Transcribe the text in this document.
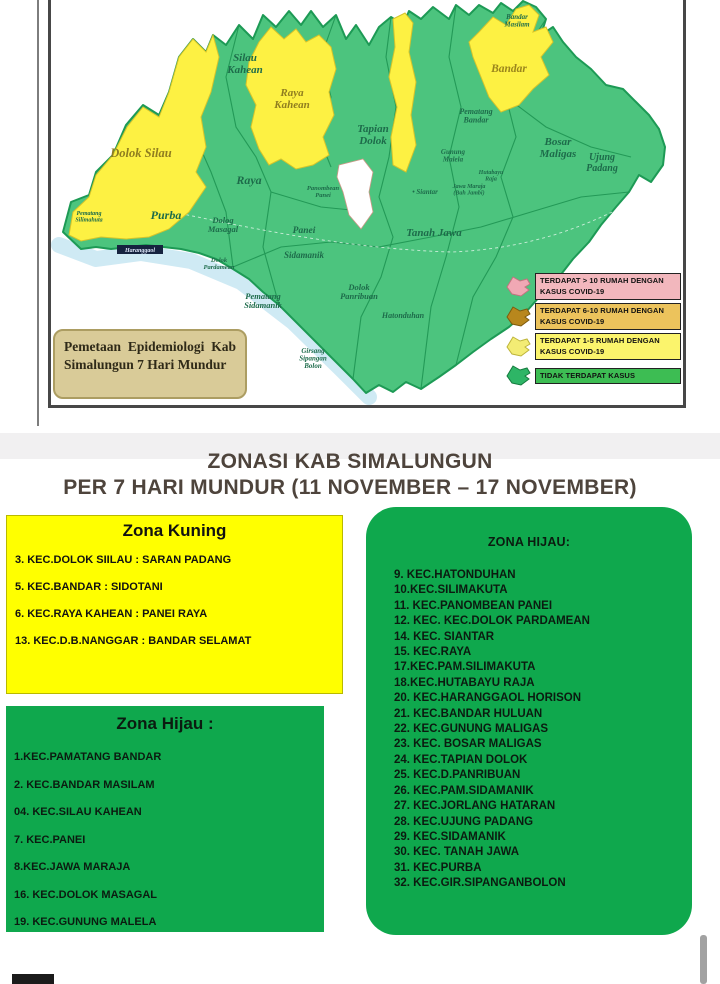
Silau Kahean
Raya Kahean
Dolok Silau
Tapian Dolok
Bandar
Bosar Maligas Ujung Padang
Raya
Purba	Dolog Masagal	Panei
Sidamanik
Dolok Pardamean
Tanah Jawa
Dolok Panribuan
Pematang Sidamanik
Hatonduhan
Girsang Sipangan Bolon
Bandar Masilam
Pematang Bandar
Gunung Malela
Hutabayu Raja
Jawa Maraja (Bah Jambi)
Panombean Panei
Pematang Silimahuta
• Siantar
Haranggaol
TERDAPAT > 10 RUMAH DENGAN KASUS COVID-19
TERDAPAT 6-10 RUMAH DENGAN KASUS COVID-19
TERDAPAT 1-5 RUMAH DENGAN KASUS COVID-19
TIDAK TERDAPAT KASUS
Pemetaan Epidemiologi Kab Simalungun 7 Hari Mundur
ZONASI KAB SIMALUNGUN
PER 7 HARI MUNDUR (11 NOVEMBER – 17 NOVEMBER)
Zona Kuning
3. KEC.DOLOK SIILAU : SARAN PADANG
5. KEC.BANDAR : SIDOTANI
6. KEC.RAYA KAHEAN : PANEI RAYA
13. KEC.D.B.NANGGAR : BANDAR SELAMAT
Zona Hijau :
1.KEC.PAMATANG BANDAR
2. KEC.BANDAR MASILAM
04. KEC.SILAU KAHEAN
7. KEC.PANEI
8.KEC.JAWA MARAJA
16. KEC.DOLOK MASAGAL
19. KEC.GUNUNG MALELA
ZONA HIJAU:
9. KEC.HATONDUHAN
10.KEC.SILIMAKUTA
11. KEC.PANOMBEAN PANEI
12. KEC. KEC.DOLOK PARDAMEAN
14. KEC. SIANTAR
15. KEC.RAYA
17.KEC.PAM.SILIMAKUTA
18.KEC.HUTABAYU RAJA
20. KEC.HARANGGAOL HORISON
21. KEC.BANDAR HULUAN
22. KEC.GUNUNG MALIGAS
23. KEC. BOSAR MALIGAS
24. KEC.TAPIAN DOLOK
25. KEC.D.PANRIBUAN
26. KEC.PAM.SIDAMANIK
27. KEC.JORLANG HATARAN
28. KEC.UJUNG PADANG
29. KEC.SIDAMANIK
30. KEC. TANAH JAWA
31. KEC.PURBA
32. KEC.GIR.SIPANGANBOLON
